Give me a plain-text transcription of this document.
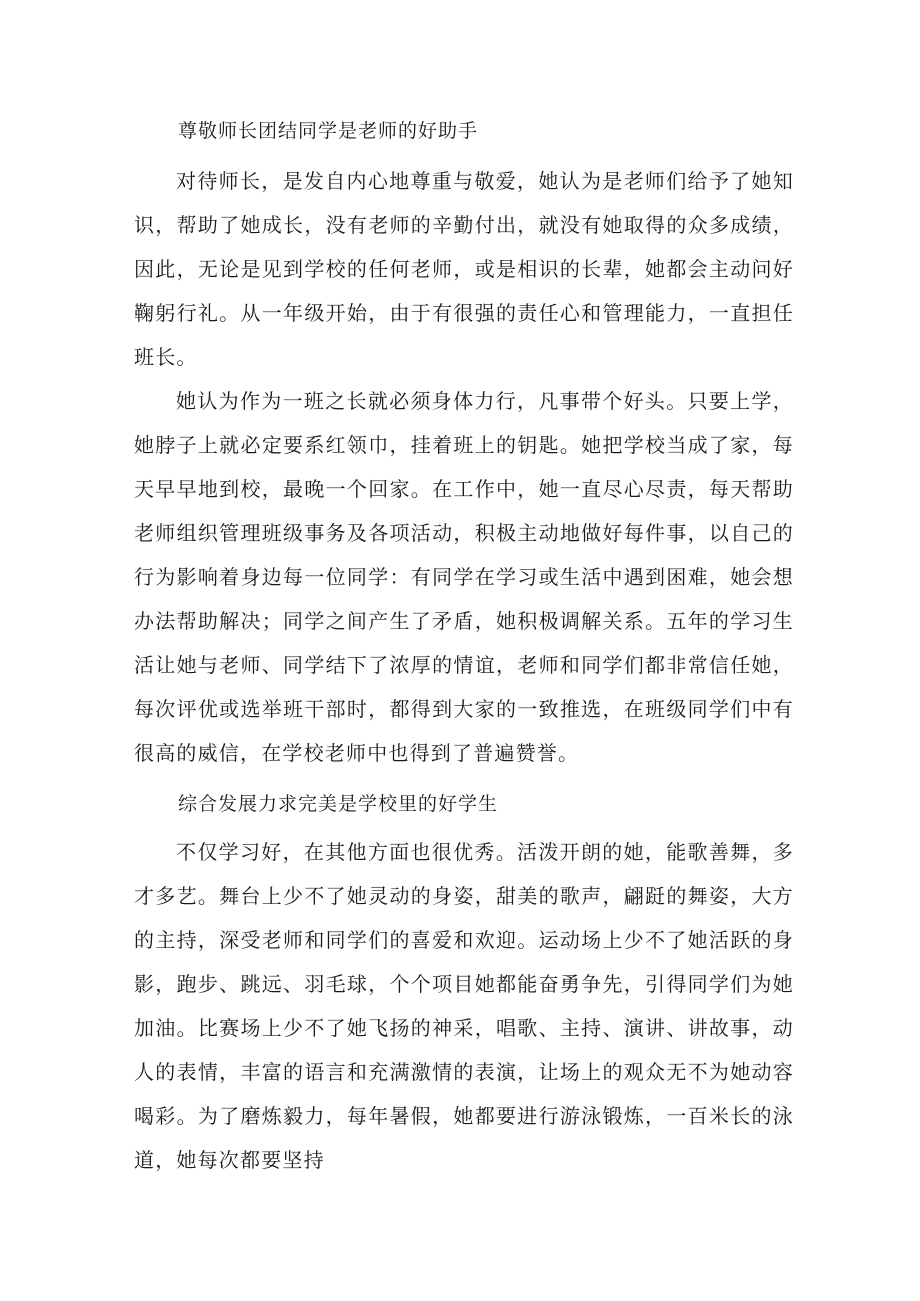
尊敬师长团结同学是老师的好助手

对待师长，是发自内心地尊重与敬爱，她认为是老师们给予了她知识，帮助了她成长，没有老师的辛勤付出，就没有她取得的众多成绩，因此，无论是见到学校的任何老师，或是相识的长辈，她都会主动问好鞠躬行礼。从一年级开始，由于有很强的责任心和管理能力，一直担任班长。

她认为作为一班之长就必须身体力行，凡事带个好头。只要上学，她脖子上就必定要系红领巾，挂着班上的钥匙。她把学校当成了家，每天早早地到校，最晚一个回家。在工作中，她一直尽心尽责，每天帮助老师组织管理班级事务及各项活动，积极主动地做好每件事，以自己的行为影响着身边每一位同学：有同学在学习或生活中遇到困难，她会想办法帮助解决；同学之间产生了矛盾，她积极调解关系。五年的学习生活让她与老师、同学结下了浓厚的情谊，老师和同学们都非常信任她，每次评优或选举班干部时，都得到大家的一致推选，在班级同学们中有很高的威信，在学校老师中也得到了普遍赞誉。

综合发展力求完美是学校里的好学生

不仅学习好，在其他方面也很优秀。活泼开朗的她，能歌善舞，多才多艺。舞台上少不了她灵动的身姿，甜美的歌声，翩跹的舞姿，大方的主持，深受老师和同学们的喜爱和欢迎。运动场上少不了她活跃的身影，跑步、跳远、羽毛球，个个项目她都能奋勇争先，引得同学们为她加油。比赛场上少不了她飞扬的神采，唱歌、主持、演讲、讲故事，动人的表情，丰富的语言和充满激情的表演，让场上的观众无不为她动容喝彩。为了磨炼毅力，每年暑假，她都要进行游泳锻炼，一百米长的泳道，她每次都要坚持
